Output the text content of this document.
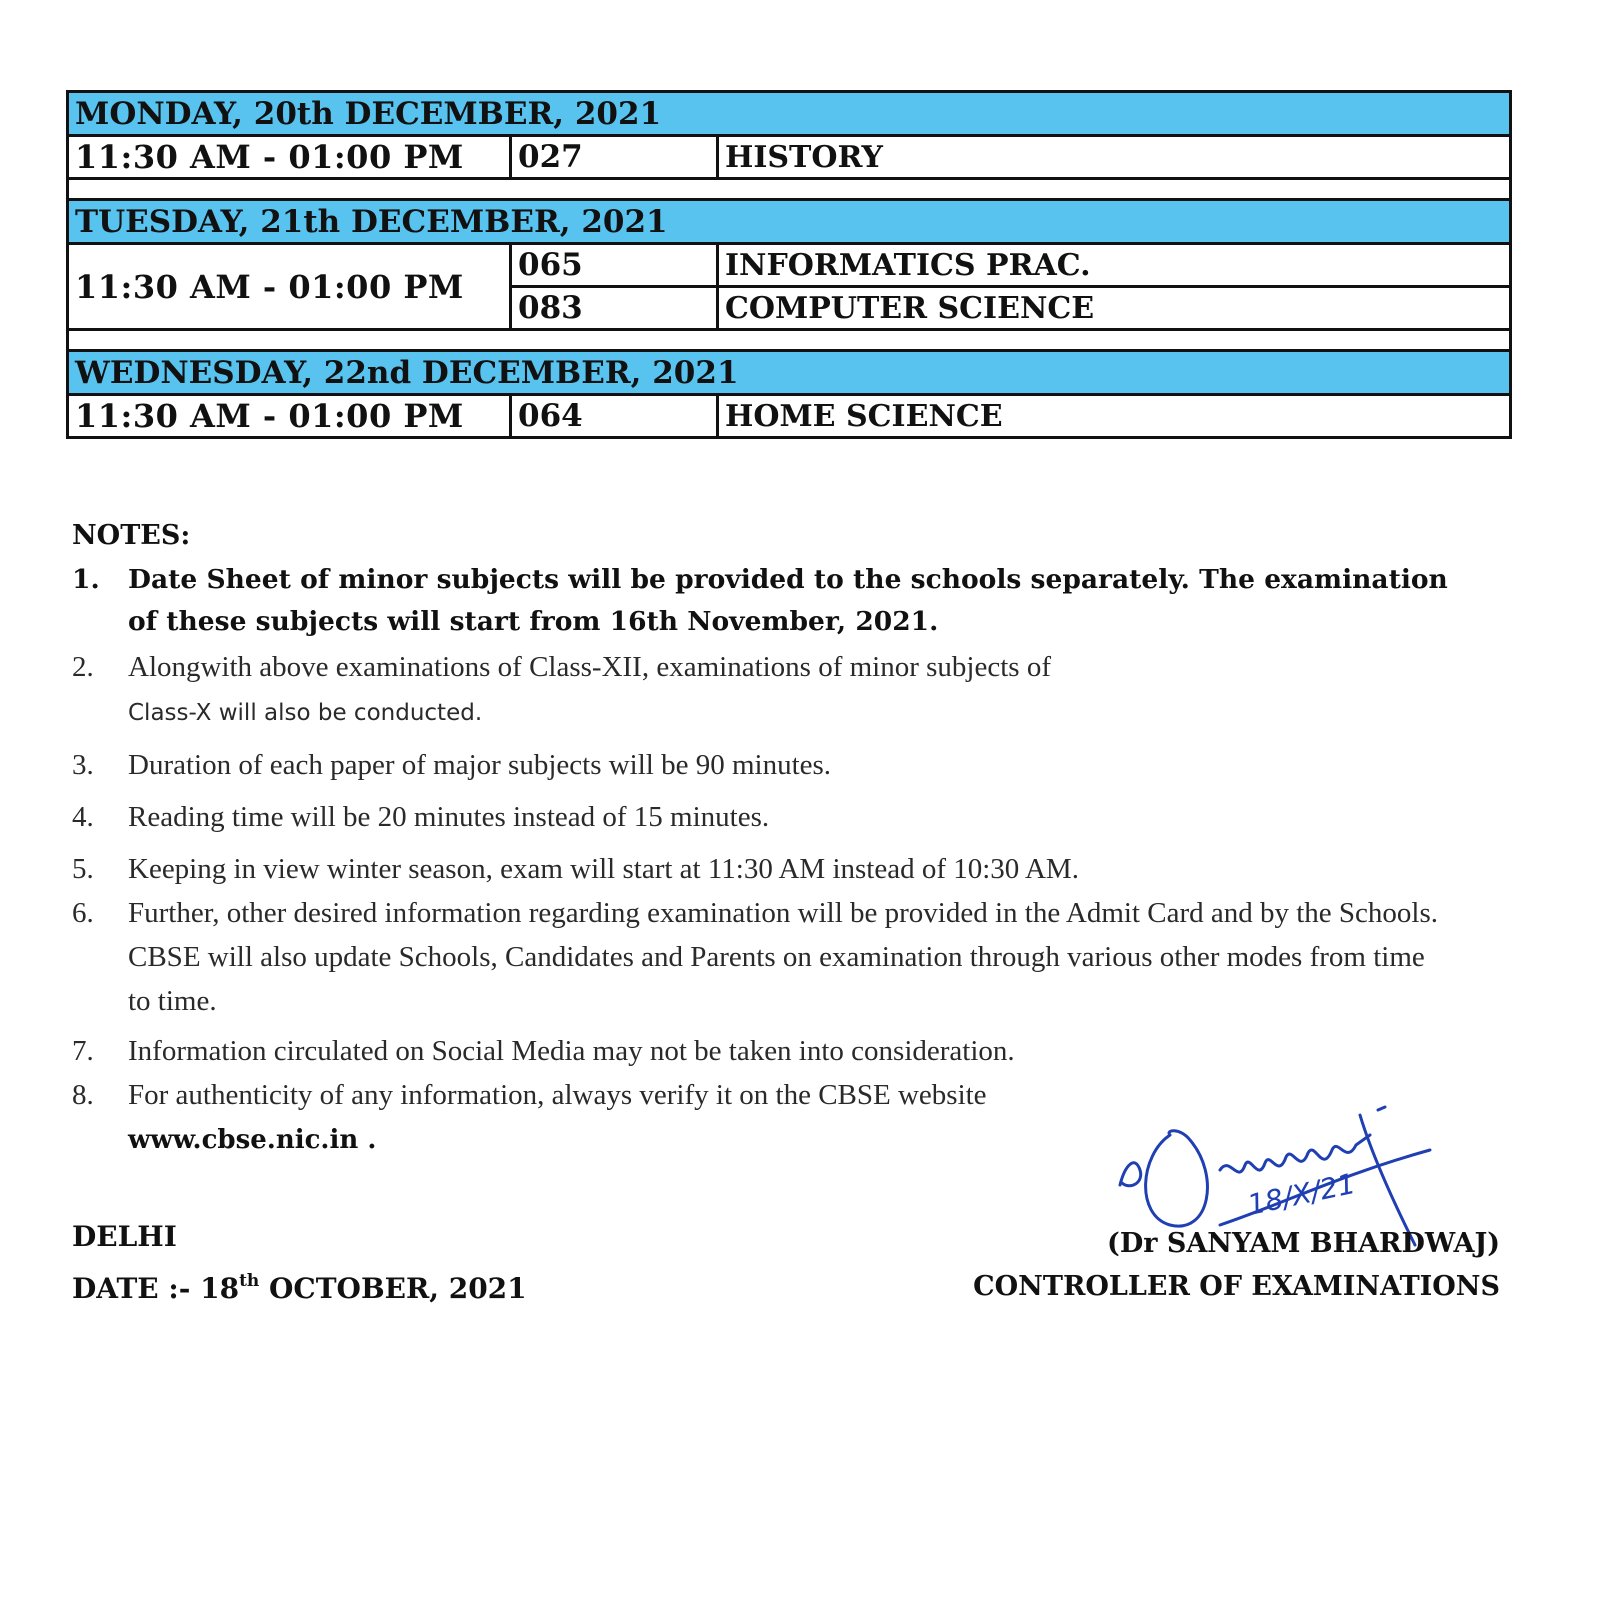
MONDAY, 20th DECEMBER, 2021		
11:30 AM - 01:00 PM	027	HISTORY

TUESDAY, 21th DECEMBER, 2021		
11:30 AM - 01:00 PM	065	INFORMATICS PRAC.
	083	COMPUTER SCIENCE

WEDNESDAY, 22nd DECEMBER, 2021		
11:30 AM - 01:00 PM	064	HOME SCIENCE
NOTES:

1. Date Sheet of minor subjects will be provided to the schools separately. The examination of these subjects will start from 16th November, 2021.

2. Alongwith above examinations of Class-XII, examinations of minor subjects of
Class-X will also be conducted.

3. Duration of each paper of major subjects will be 90 minutes.

4. Reading time will be 20 minutes instead of 15 minutes.

5. Keeping in view winter season, exam will start at 11:30 AM instead of 10:30 AM.

6. Further, other desired information regarding examination will be provided in the Admit Card and by the Schools. CBSE will also update Schools, Candidates and Parents on examination through various other modes from time to time.

7. Information circulated on Social Media may not be taken into consideration.

8. For authenticity of any information, always verify it on the CBSE website
www.cbse.nic.in .

DELHI
DATE :- 18th OCTOBER, 2021
18/X/21
(Dr SANYAM BHARDWAJ)
CONTROLLER OF EXAMINATIONS
